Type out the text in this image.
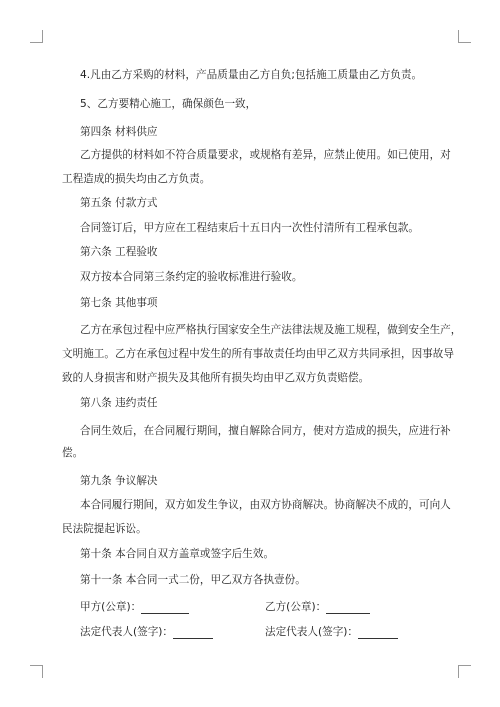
4.凡由乙方采购的材料，产品质量由乙方自负;包括施工质量由乙方负责。
5、乙方要精心施工，确保颜色一致，
第四条 材料供应
乙方提供的材料如不符合质量要求，或规格有差异，应禁止使用。如已使用，对
工程造成的损失均由乙方负责。
第五条 付款方式
合同签订后，甲方应在工程结束后十五日内一次性付清所有工程承包款。
第六条 工程验收
双方按本合同第三条约定的验收标准进行验收。
第七条 其他事项
乙方在承包过程中应严格执行国家安全生产法律法规及施工规程，做到安全生产，
文明施工。乙方在承包过程中发生的所有事故责任均由甲乙双方共同承担，因事故导
致的人身损害和财产损失及其他所有损失均由甲乙双方负责赔偿。
第八条 违约责任
合同生效后，在合同履行期间，擅自解除合同方，使对方造成的损失，应进行补
偿。
第九条 争议解决
本合同履行期间，双方如发生争议，由双方协商解决。协商解决不成的，可向人
民法院提起诉讼。
第十条 本合同自双方盖章或签字后生效。
第十一条 本合同一式二份，甲乙双方各执壹份。
甲方(公章)：	乙方(公章)：
法定代表人(签字)：	法定代表人(签字)：
